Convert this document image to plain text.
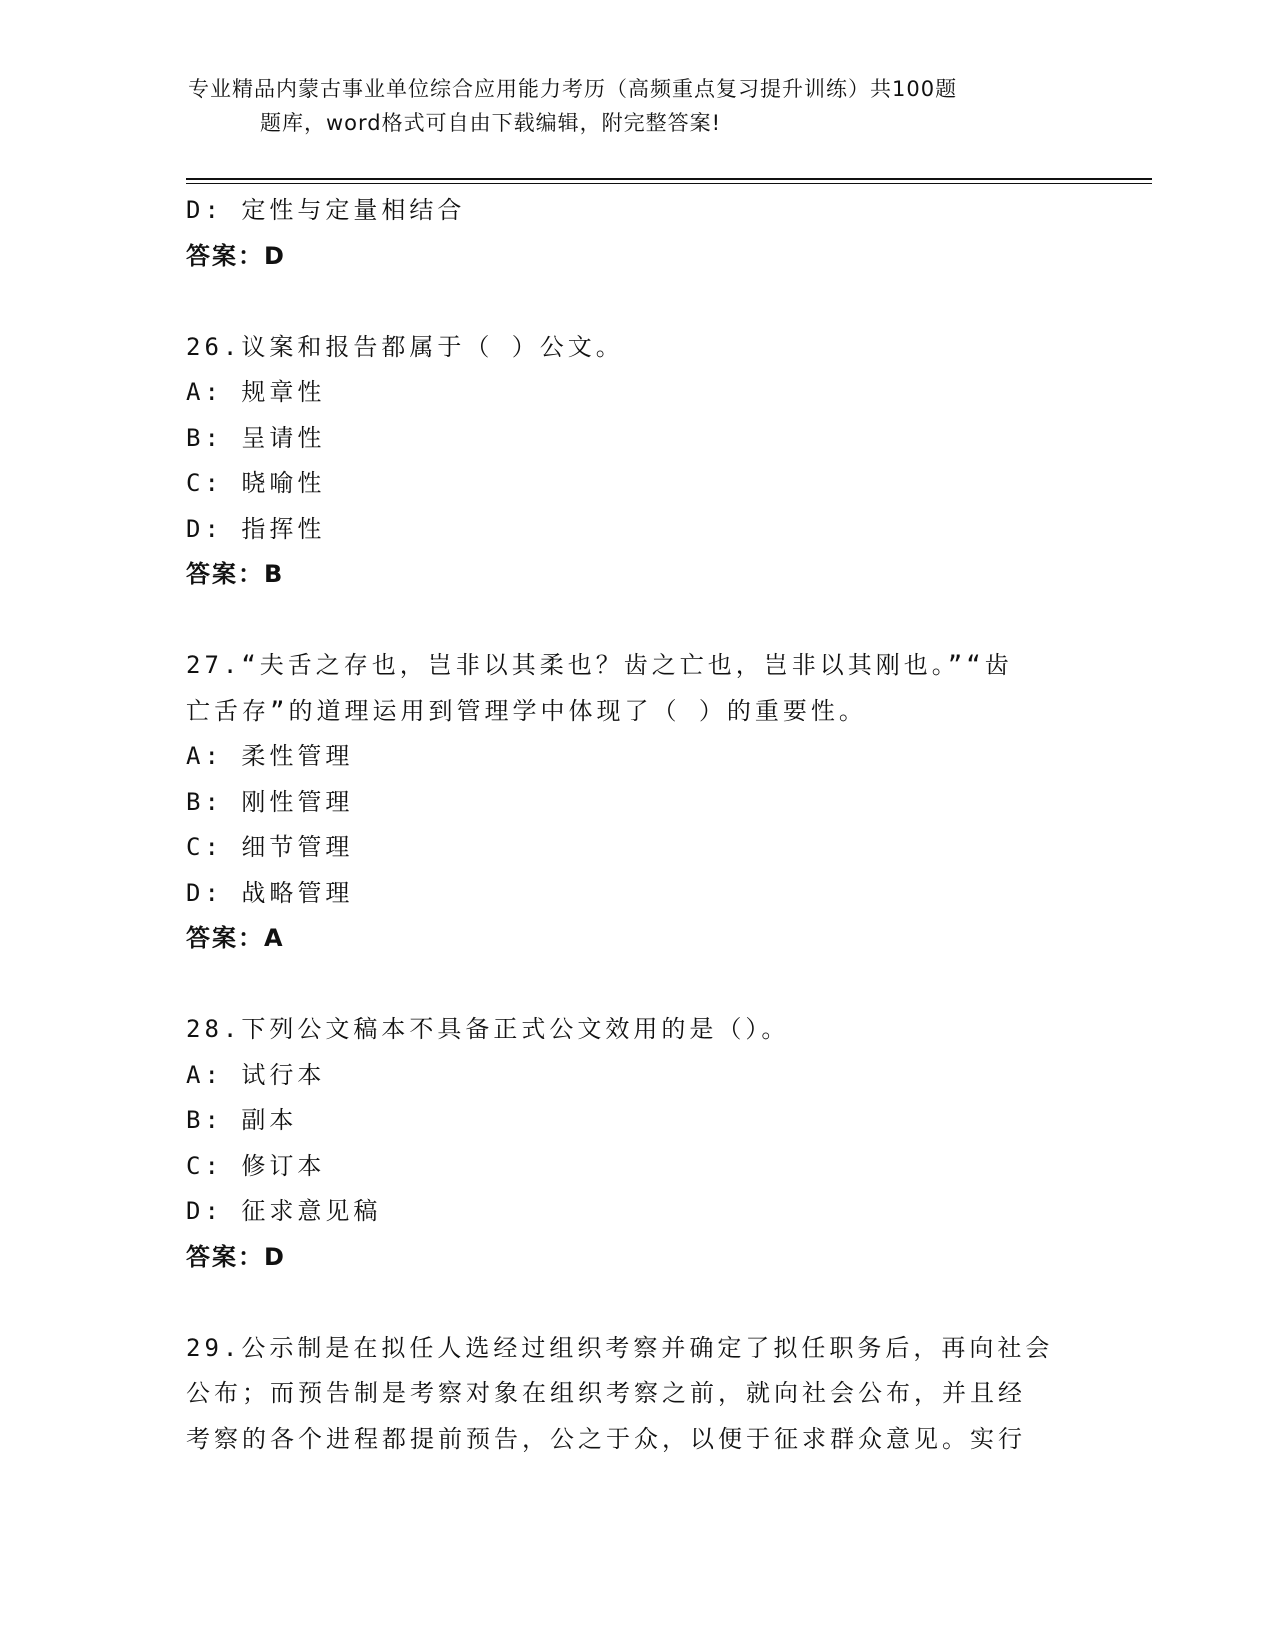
专业精品内蒙古事业单位综合应用能力考历（高频重点复习提升训练）共100题
题库，word格式可自由下载编辑，附完整答案!
D: 定性与定量相结合
答案：D
26.议案和报告都属于（ ）公文。
A: 规章性
B: 呈请性
C: 晓喻性
D: 指挥性
答案：B
27.“夫舌之存也，岂非以其柔也？齿之亡也，岂非以其刚也。”“齿
亡舌存”的道理运用到管理学中体现了（ ）的重要性。
A: 柔性管理
B: 刚性管理
C: 细节管理
D: 战略管理
答案：A
28.下列公文稿本不具备正式公文效用的是（）。
A: 试行本
B: 副本
C: 修订本
D: 征求意见稿
答案：D
29.公示制是在拟任人选经过组织考察并确定了拟任职务后，再向社会
公布；而预告制是考察对象在组织考察之前，就向社会公布，并且经
考察的各个进程都提前预告，公之于众，以便于征求群众意见。实行
